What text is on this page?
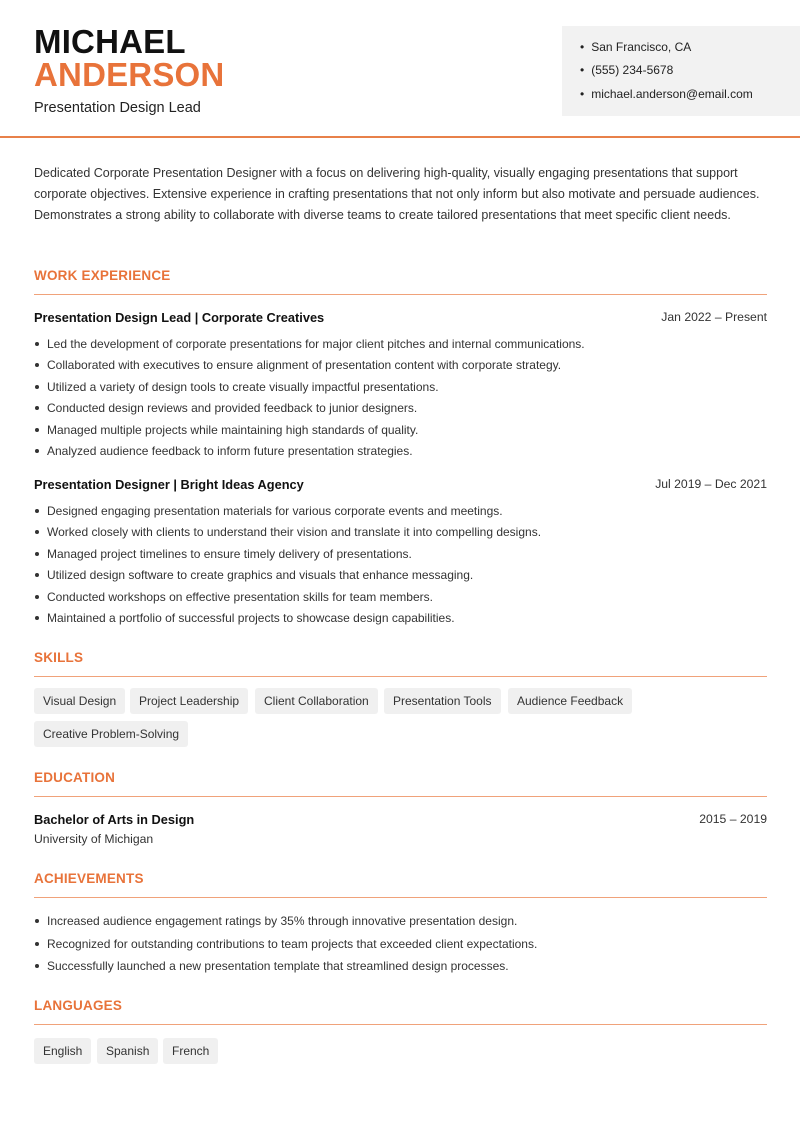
MICHAEL
ANDERSON
Presentation Design Lead
• San Francisco, CA
• (555) 234-5678
• michael.anderson@email.com
Dedicated Corporate Presentation Designer with a focus on delivering high-quality, visually engaging presentations that support corporate objectives. Extensive experience in crafting presentations that not only inform but also motivate and persuade audiences. Demonstrates a strong ability to collaborate with diverse teams to create tailored presentations that meet specific client needs.
WORK EXPERIENCE
Presentation Design Lead | Corporate Creatives	Jan 2022 – Present
Led the development of corporate presentations for major client pitches and internal communications.
Collaborated with executives to ensure alignment of presentation content with corporate strategy.
Utilized a variety of design tools to create visually impactful presentations.
Conducted design reviews and provided feedback to junior designers.
Managed multiple projects while maintaining high standards of quality.
Analyzed audience feedback to inform future presentation strategies.
Presentation Designer | Bright Ideas Agency	Jul 2019 – Dec 2021
Designed engaging presentation materials for various corporate events and meetings.
Worked closely with clients to understand their vision and translate it into compelling designs.
Managed project timelines to ensure timely delivery of presentations.
Utilized design software to create graphics and visuals that enhance messaging.
Conducted workshops on effective presentation skills for team members.
Maintained a portfolio of successful projects to showcase design capabilities.
SKILLS
Visual Design	Project Leadership	Client Collaboration	Presentation Tools	Audience Feedback
Creative Problem-Solving
EDUCATION
Bachelor of Arts in Design	2015 – 2019
University of Michigan
ACHIEVEMENTS
Increased audience engagement ratings by 35% through innovative presentation design.
Recognized for outstanding contributions to team projects that exceeded client expectations.
Successfully launched a new presentation template that streamlined design processes.
LANGUAGES
English	Spanish	French
